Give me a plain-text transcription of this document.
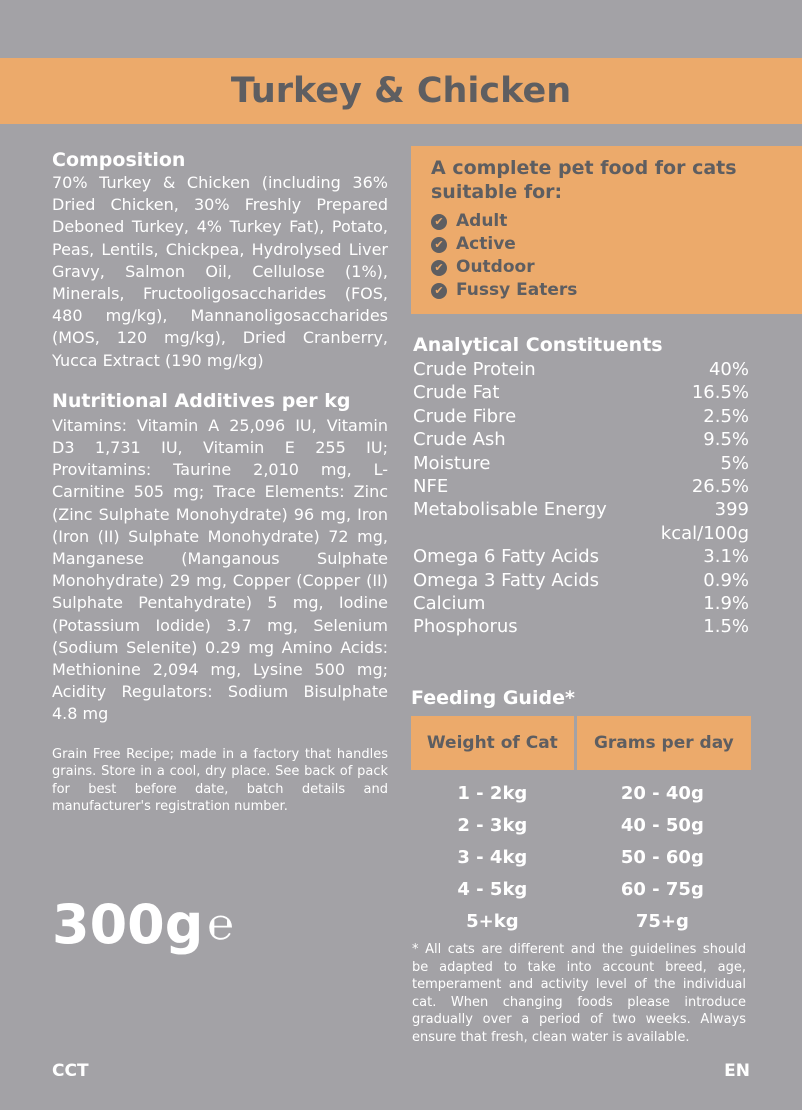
Turkey & Chicken

Composition

70% Turkey & Chicken (including 36% Dried Chicken, 30% Freshly Prepared Deboned Turkey, 4% Turkey Fat), Potato, Peas, Lentils, Chickpea, Hydrolysed Liver Gravy, Salmon Oil, Cellulose (1%), Minerals, Fructooligosaccharides (FOS, 480 mg/kg), Mannanoligosaccharides (MOS, 120 mg/kg), Dried Cranberry, Yucca Extract (190 mg/kg)

Nutritional Additives per kg

Vitamins: Vitamin A 25,096 IU, Vitamin D3 1,731 IU, Vitamin E 255 IU; Provitamins: Taurine 2,010 mg, L-Carnitine 505 mg; Trace Elements: Zinc (Zinc Sulphate Monohydrate) 96 mg, Iron (Iron (II) Sulphate Monohydrate) 72 mg, Manganese (Manganous Sulphate Monohydrate) 29 mg, Copper (Copper (II) Sulphate Pentahydrate) 5 mg, Iodine (Potassium Iodide) 3.7 mg, Selenium (Sodium Selenite) 0.29 mg Amino Acids: Methionine 2,094 mg, Lysine 500 mg; Acidity Regulators: Sodium Bisulphate 4.8 mg

Grain Free Recipe; made in a factory that handles grains. Store in a cool, dry place. See back of pack for best before date, batch details and manufacturer's registration number.

300g ℮

A complete pet food for cats suitable for:

✔ Adult
✔ Active
✔ Outdoor
✔ Fussy Eaters

Analytical Constituents

Crude Protein	40%
Crude Fat	16.5%
Crude Fibre	2.5%
Crude Ash	9.5%
Moisture	5%
NFE	26.5%
Metabolisable Energy	399
kcal/100g
Omega 6 Fatty Acids	3.1%
Omega 3 Fatty Acids	0.9%
Calcium	1.9%
Phosphorus	1.5%

Feeding Guide*

Weight of Cat	Grams per day
1 - 2kg	20 - 40g
2 - 3kg	40 - 50g
3 - 4kg	50 - 60g
4 - 5kg	60 - 75g
5+kg	75+g

* All cats are different and the guidelines should be adapted to take into account breed, age, temperament and activity level of the individual cat. When changing foods please introduce gradually over a period of two weeks. Always ensure that fresh, clean water is available.

CCT	EN
